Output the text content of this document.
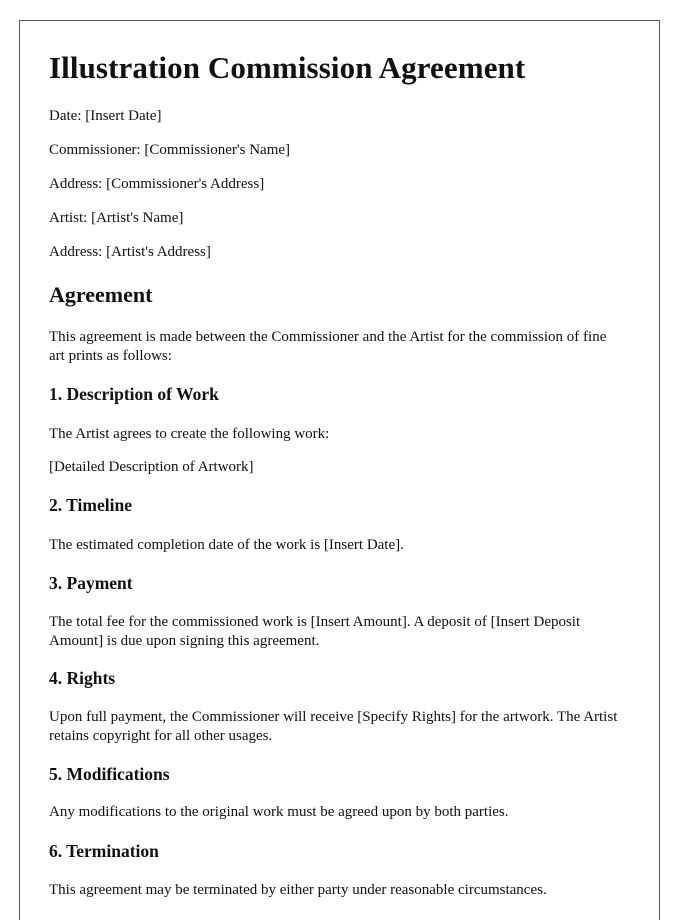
Illustration Commission Agreement

Date: [Insert Date]

Commissioner: [Commissioner's Name]

Address: [Commissioner's Address]

Artist: [Artist's Name]

Address: [Artist's Address]

Agreement

This agreement is made between the Commissioner and the Artist for the commission of fine art prints as follows:

1. Description of Work

The Artist agrees to create the following work:

[Detailed Description of Artwork]

2. Timeline

The estimated completion date of the work is [Insert Date].

3. Payment

The total fee for the commissioned work is [Insert Amount]. A deposit of [Insert Deposit Amount] is due upon signing this agreement.

4. Rights

Upon full payment, the Commissioner will receive [Specify Rights] for the artwork. The Artist retains copyright for all other usages.

5. Modifications

Any modifications to the original work must be agreed upon by both parties.

6. Termination

This agreement may be terminated by either party under reasonable circumstances.
